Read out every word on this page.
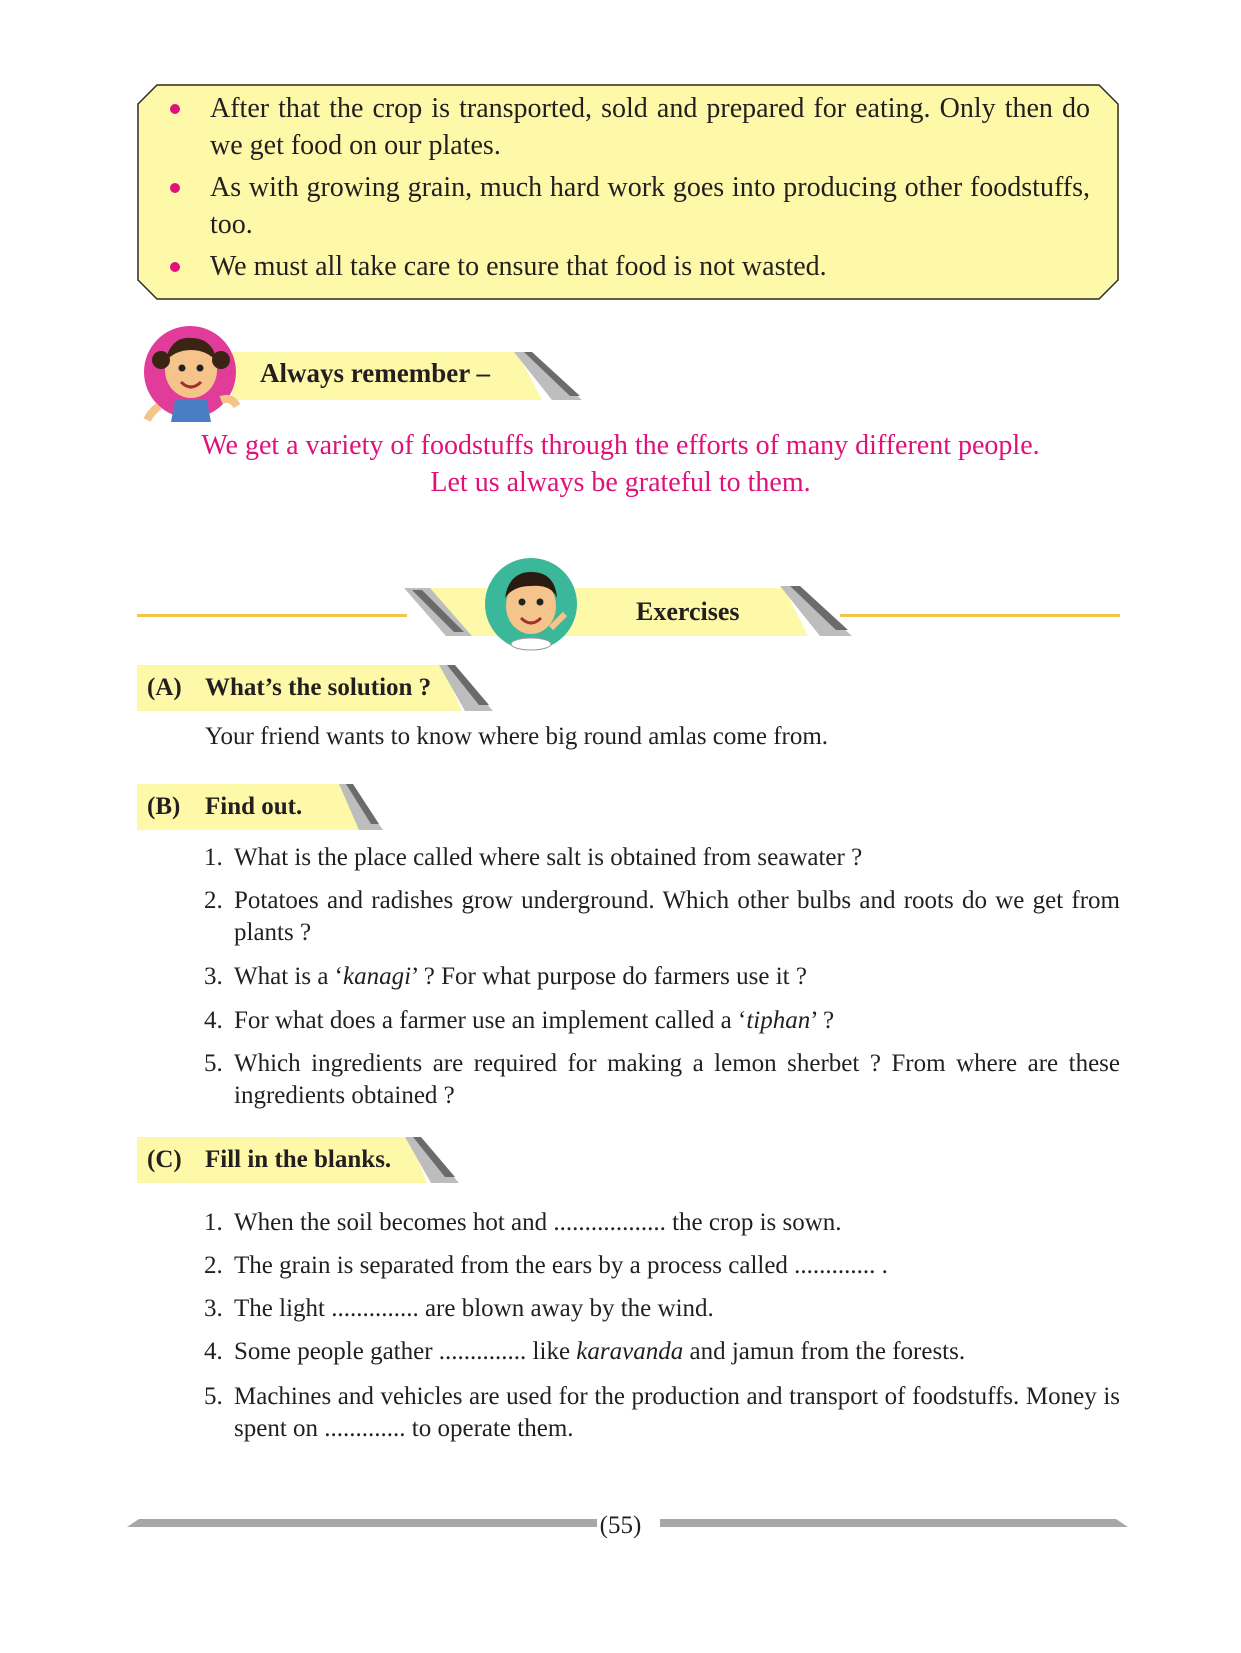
After that the crop is transported, sold and prepared for eating. Only then do we get food on our plates.
As with growing grain, much hard work goes into producing other foodstuffs, too.
We must all take care to ensure that food is not wasted.
Always remember –
We get a variety of foodstuffs through the efforts of many different people.
Let us always be grateful to them.
Exercises
(A) What’s the solution ?
Your friend wants to know where big round amlas come from.
(B) Find out.
1. What is the place called where salt is obtained from seawater ?
2. Potatoes and radishes grow underground. Which other bulbs and roots do we get from plants ?
3. What is a ‘kanagi’ ? For what purpose do farmers use it ?
4. For what does a farmer use an implement called a ‘tiphan’ ?
5. Which ingredients are required for making a lemon sherbet ? From where are these ingredients obtained ?
(C) Fill in the blanks.
1. When the soil becomes hot and .................. the crop is sown.
2. The grain is separated from the ears by a process called ............. .
3. The light .............. are blown away by the wind.
4. Some people gather .............. like karavanda and jamun from the forests.
5. Machines and vehicles are used for the production and transport of foodstuffs. Money is spent on ............. to operate them.
(55)
